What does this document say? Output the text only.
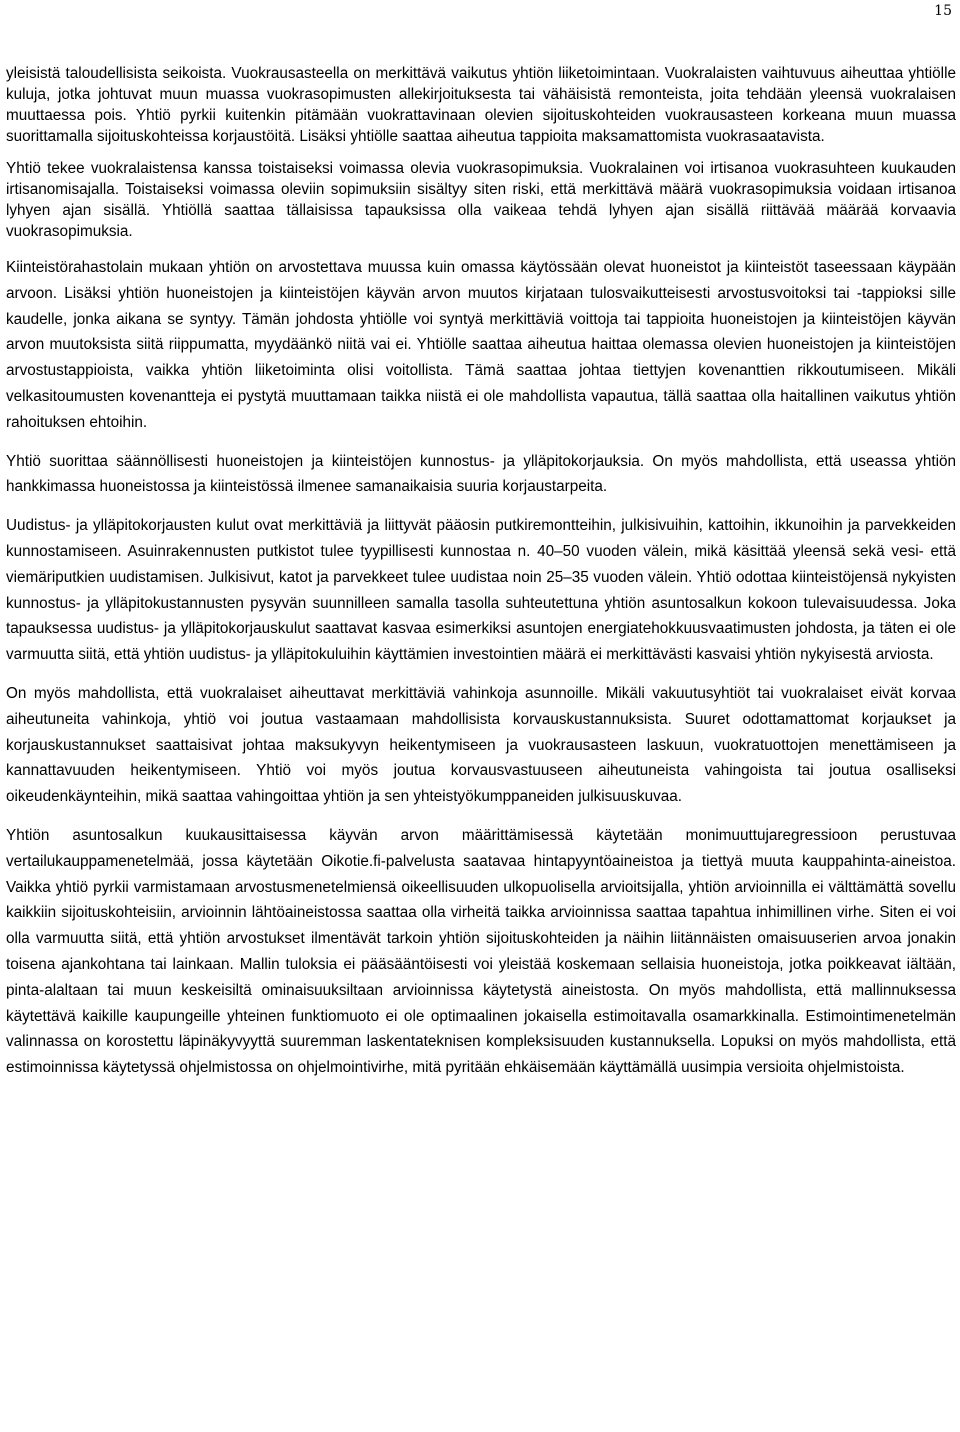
15

yleisistä taloudellisista seikoista. Vuokrausasteella on merkittävä vaikutus yhtiön liiketoimintaan. Vuokralaisten vaihtuvuus aiheuttaa yhtiölle kuluja, jotka johtuvat muun muassa vuokrasopimusten allekirjoituksesta tai vähäisistä remonteista, joita tehdään yleensä vuokralaisen muuttaessa pois. Yhtiö pyrkii kuitenkin pitämään vuokrattavinaan olevien sijoituskohteiden vuokrausasteen korkeana muun muassa suorittamalla sijoituskohteissa korjaustöitä. Lisäksi yhtiölle saattaa aiheutua tappioita maksamattomista vuokrasaatavista.

Yhtiö tekee vuokralaistensa kanssa toistaiseksi voimassa olevia vuokrasopimuksia. Vuokralainen voi irtisanoa vuokrasuhteen kuukauden irtisanomisajalla. Toistaiseksi voimassa oleviin sopimuksiin sisältyy siten riski, että merkittävä määrä vuokrasopimuksia voidaan irtisanoa lyhyen ajan sisällä. Yhtiöllä saattaa tällaisissa tapauksissa olla vaikeaa tehdä lyhyen ajan sisällä riittävää määrää korvaavia vuokrasopimuksia.

Kiinteistörahastolain mukaan yhtiön on arvostettava muussa kuin omassa käytössään olevat huoneistot ja kiinteistöt taseessaan käypään arvoon. Lisäksi yhtiön huoneistojen ja kiinteistöjen käyvän arvon muutos kirjataan tulosvaikutteisesti arvostusvoitoksi tai -tappioksi sille kaudelle, jonka aikana se syntyy. Tämän johdosta yhtiölle voi syntyä merkittäviä voittoja tai tappioita huoneistojen ja kiinteistöjen käyvän arvon muutoksista siitä riippumatta, myydäänkö niitä vai ei. Yhtiölle saattaa aiheutua haittaa olemassa olevien huoneistojen ja kiinteistöjen arvostustappioista, vaikka yhtiön liiketoiminta olisi voitollista. Tämä saattaa johtaa tiettyjen kovenanttien rikkoutumiseen. Mikäli velkasitoumusten kovenantteja ei pystytä muuttamaan taikka niistä ei ole mahdollista vapautua, tällä saattaa olla haitallinen vaikutus yhtiön rahoituksen ehtoihin.

Yhtiö suorittaa säännöllisesti huoneistojen ja kiinteistöjen kunnostus- ja ylläpitokorjauksia. On myös mahdollista, että useassa yhtiön hankkimassa huoneistossa ja kiinteistössä ilmenee samanaikaisia suuria korjaustarpeita.

Uudistus- ja ylläpitokorjausten kulut ovat merkittäviä ja liittyvät pääosin putkiremontteihin, julkisivuihin, kattoihin, ikkunoihin ja parvekkeiden kunnostamiseen. Asuinrakennusten putkistot tulee tyypillisesti kunnostaa n. 40–50 vuoden välein, mikä käsittää yleensä sekä vesi- että viemäriputkien uudistamisen. Julkisivut, katot ja parvekkeet tulee uudistaa noin 25–35 vuoden välein. Yhtiö odottaa kiinteistöjensä nykyisten kunnostus- ja ylläpitokustannusten pysyvän suunnilleen samalla tasolla suhteutettuna yhtiön asuntosalkun kokoon tulevaisuudessa. Joka tapauksessa uudistus- ja ylläpitokorjauskulut saattavat kasvaa esimerkiksi asuntojen energiatehokkuusvaatimusten johdosta, ja täten ei ole varmuutta siitä, että yhtiön uudistus- ja ylläpitokuluihin käyttämien investointien määrä ei merkittävästi kasvaisi yhtiön nykyisestä arviosta.

On myös mahdollista, että vuokralaiset aiheuttavat merkittäviä vahinkoja asunnoille. Mikäli vakuutusyhtiöt tai vuokralaiset eivät korvaa aiheutuneita vahinkoja, yhtiö voi joutua vastaamaan mahdollisista korvauskustannuksista. Suuret odottamattomat korjaukset ja korjauskustannukset saattaisivat johtaa maksukyvyn heikentymiseen ja vuokrausasteen laskuun, vuokratuottojen menettämiseen ja kannattavuuden heikentymiseen. Yhtiö voi myös joutua korvausvastuuseen aiheutuneista vahingoista tai joutua osalliseksi oikeudenkäynteihin, mikä saattaa vahingoittaa yhtiön ja sen yhteistyökumppaneiden julkisuuskuvaa.

Yhtiön asuntosalkun kuukausittaisessa käyvän arvon määrittämisessä käytetään monimuuttujaregressioon perustuvaa vertailukauppamenetelmää, jossa käytetään Oikotie.fi-palvelusta saatavaa hintapyyntöaineistoa ja tiettyä muuta kauppahinta-aineistoa. Vaikka yhtiö pyrkii varmistamaan arvostusmenetelmiensä oikeellisuuden ulkopuolisella arvioitsijalla, yhtiön arvioinnilla ei välttämättä sovellu kaikkiin sijoituskohteisiin, arvioinnin lähtöaineistossa saattaa olla virheitä taikka arvioinnissa saattaa tapahtua inhimillinen virhe. Siten ei voi olla varmuutta siitä, että yhtiön arvostukset ilmentävät tarkoin yhtiön sijoituskohteiden ja näihin liitännäisten omaisuuserien arvoa jonakin toisena ajankohtana tai lainkaan. Mallin tuloksia ei pääsääntöisesti voi yleistää koskemaan sellaisia huoneistoja, jotka poikkeavat iältään, pinta-alaltaan tai muun keskeisiltä ominaisuuksiltaan arvioinnissa käytetystä aineistosta. On myös mahdollista, että mallinnuksessa käytettävä kaikille kaupungeille yhteinen funktiomuoto ei ole optimaalinen jokaisella estimoitavalla osamarkkinalla. Estimointimenetelmän valinnassa on korostettu läpinäkyvyyttä suuremman laskentateknisen kompleksisuuden kustannuksella. Lopuksi on myös mahdollista, että estimoinnissa käytetyssä ohjelmistossa on ohjelmointivirhe, mitä pyritään ehkäisemään käyttämällä uusimpia versioita ohjelmistoista.
